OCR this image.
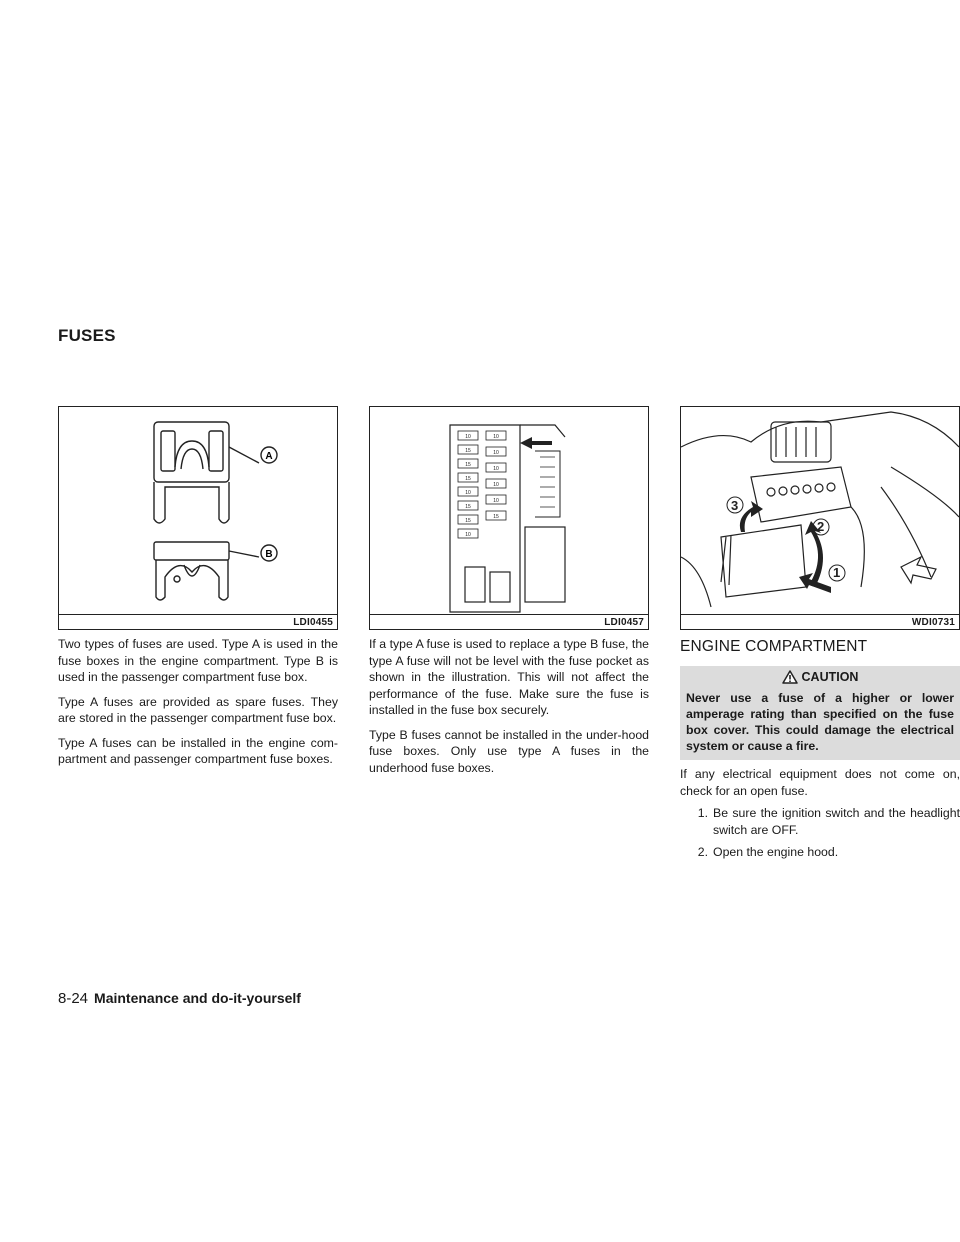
FUSES
A
B
LDI0455

Two types of fuses are used. Type A is used in the fuse boxes in the engine compartment. Type B is used in the passenger compartment fuse box.

Type A fuses are provided as spare fuses. They are stored in the passenger compartment fuse box.

Type A fuses can be installed in the engine com-partment and passenger compartment fuse boxes.

10
15
15
15
10
15
15
10
10
10
10
10
10
15
LDI0457

If a type A fuse is used to replace a type B fuse, the type A fuse will not be level with the fuse pocket as shown in the illustration. This will not affect the performance of the fuse. Make sure the fuse is installed in the fuse box securely.

Type B fuses cannot be installed in the under-hood fuse boxes. Only use type A fuses in the underhood fuse boxes.

3
2
1
WDI0731
ENGINE COMPARTMENT
CAUTION
Never use a fuse of a higher or lower amperage rating than specified on the fuse box cover. This could damage the electrical system or cause a fire.

If any electrical equipment does not come on, check for an open fuse.

1. Be sure the ignition switch and the headlight switch are OFF.
2. Open the engine hood.
8-24 Maintenance and do-it-yourself
